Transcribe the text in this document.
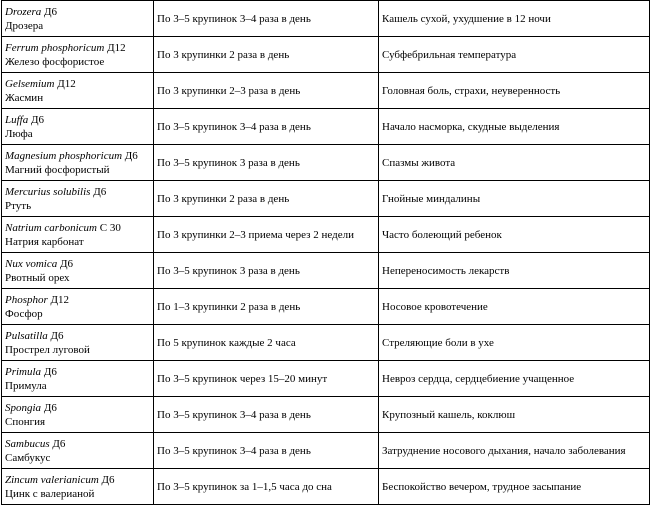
Drozera Д6
Дрозера	По 3–5 крупинок 3–4 раза в день	Кашель сухой, ухудшение в 12 ночи

Ferrum phosphoricum Д12
Железо фосфористое	По 3 крупинки 2 раза в день	Субфебрильная температура

Gelsemium Д12
Жасмин	По 3 крупинки 2–3 раза в день	Головная боль, страхи, неуверенность

Luffa Д6
Люфа	По 3–5 крупинок 3–4 раза в день	Начало насморка, скудные выделения

Magnesium phosphoricum Д6
Магний фосфористый	По 3–5 крупинок 3 раза в день	Спазмы живота

Mercurius solubilis Д6
Ртуть	По 3 крупинки 2 раза в день	Гнойные миндалины

Natrium carbonicum С 30
Натрия карбонат	По 3 крупинки 2–3 приема через 2 недели	Часто болеющий ребенок

Nux vomica Д6
Рвотный орех	По 3–5 крупинок 3 раза в день	Непереносимость лекарств

Phosphor Д12
Фосфор	По 1–3 крупинки 2 раза в день	Носовое кровотечение

Pulsatilla Д6
Прострел луговой	По 5 крупинок каждые 2 часа	Стреляющие боли в ухе

Primula Д6
Примула	По 3–5 крупинок через 15–20 минут	Невроз сердца, сердцебиение учащенное

Spongia Д6
Спонгия	По 3–5 крупинок 3–4 раза в день	Крупозный кашель, коклюш

Sambucus Д6
Самбукус	По 3–5 крупинок 3–4 раза в день	Затруднение носового дыхания, начало заболевания

Zincum valerianicum Д6
Цинк с валерианой	По 3–5 крупинок за 1–1,5 часа до сна	Беспокойство вечером, трудное засыпание
